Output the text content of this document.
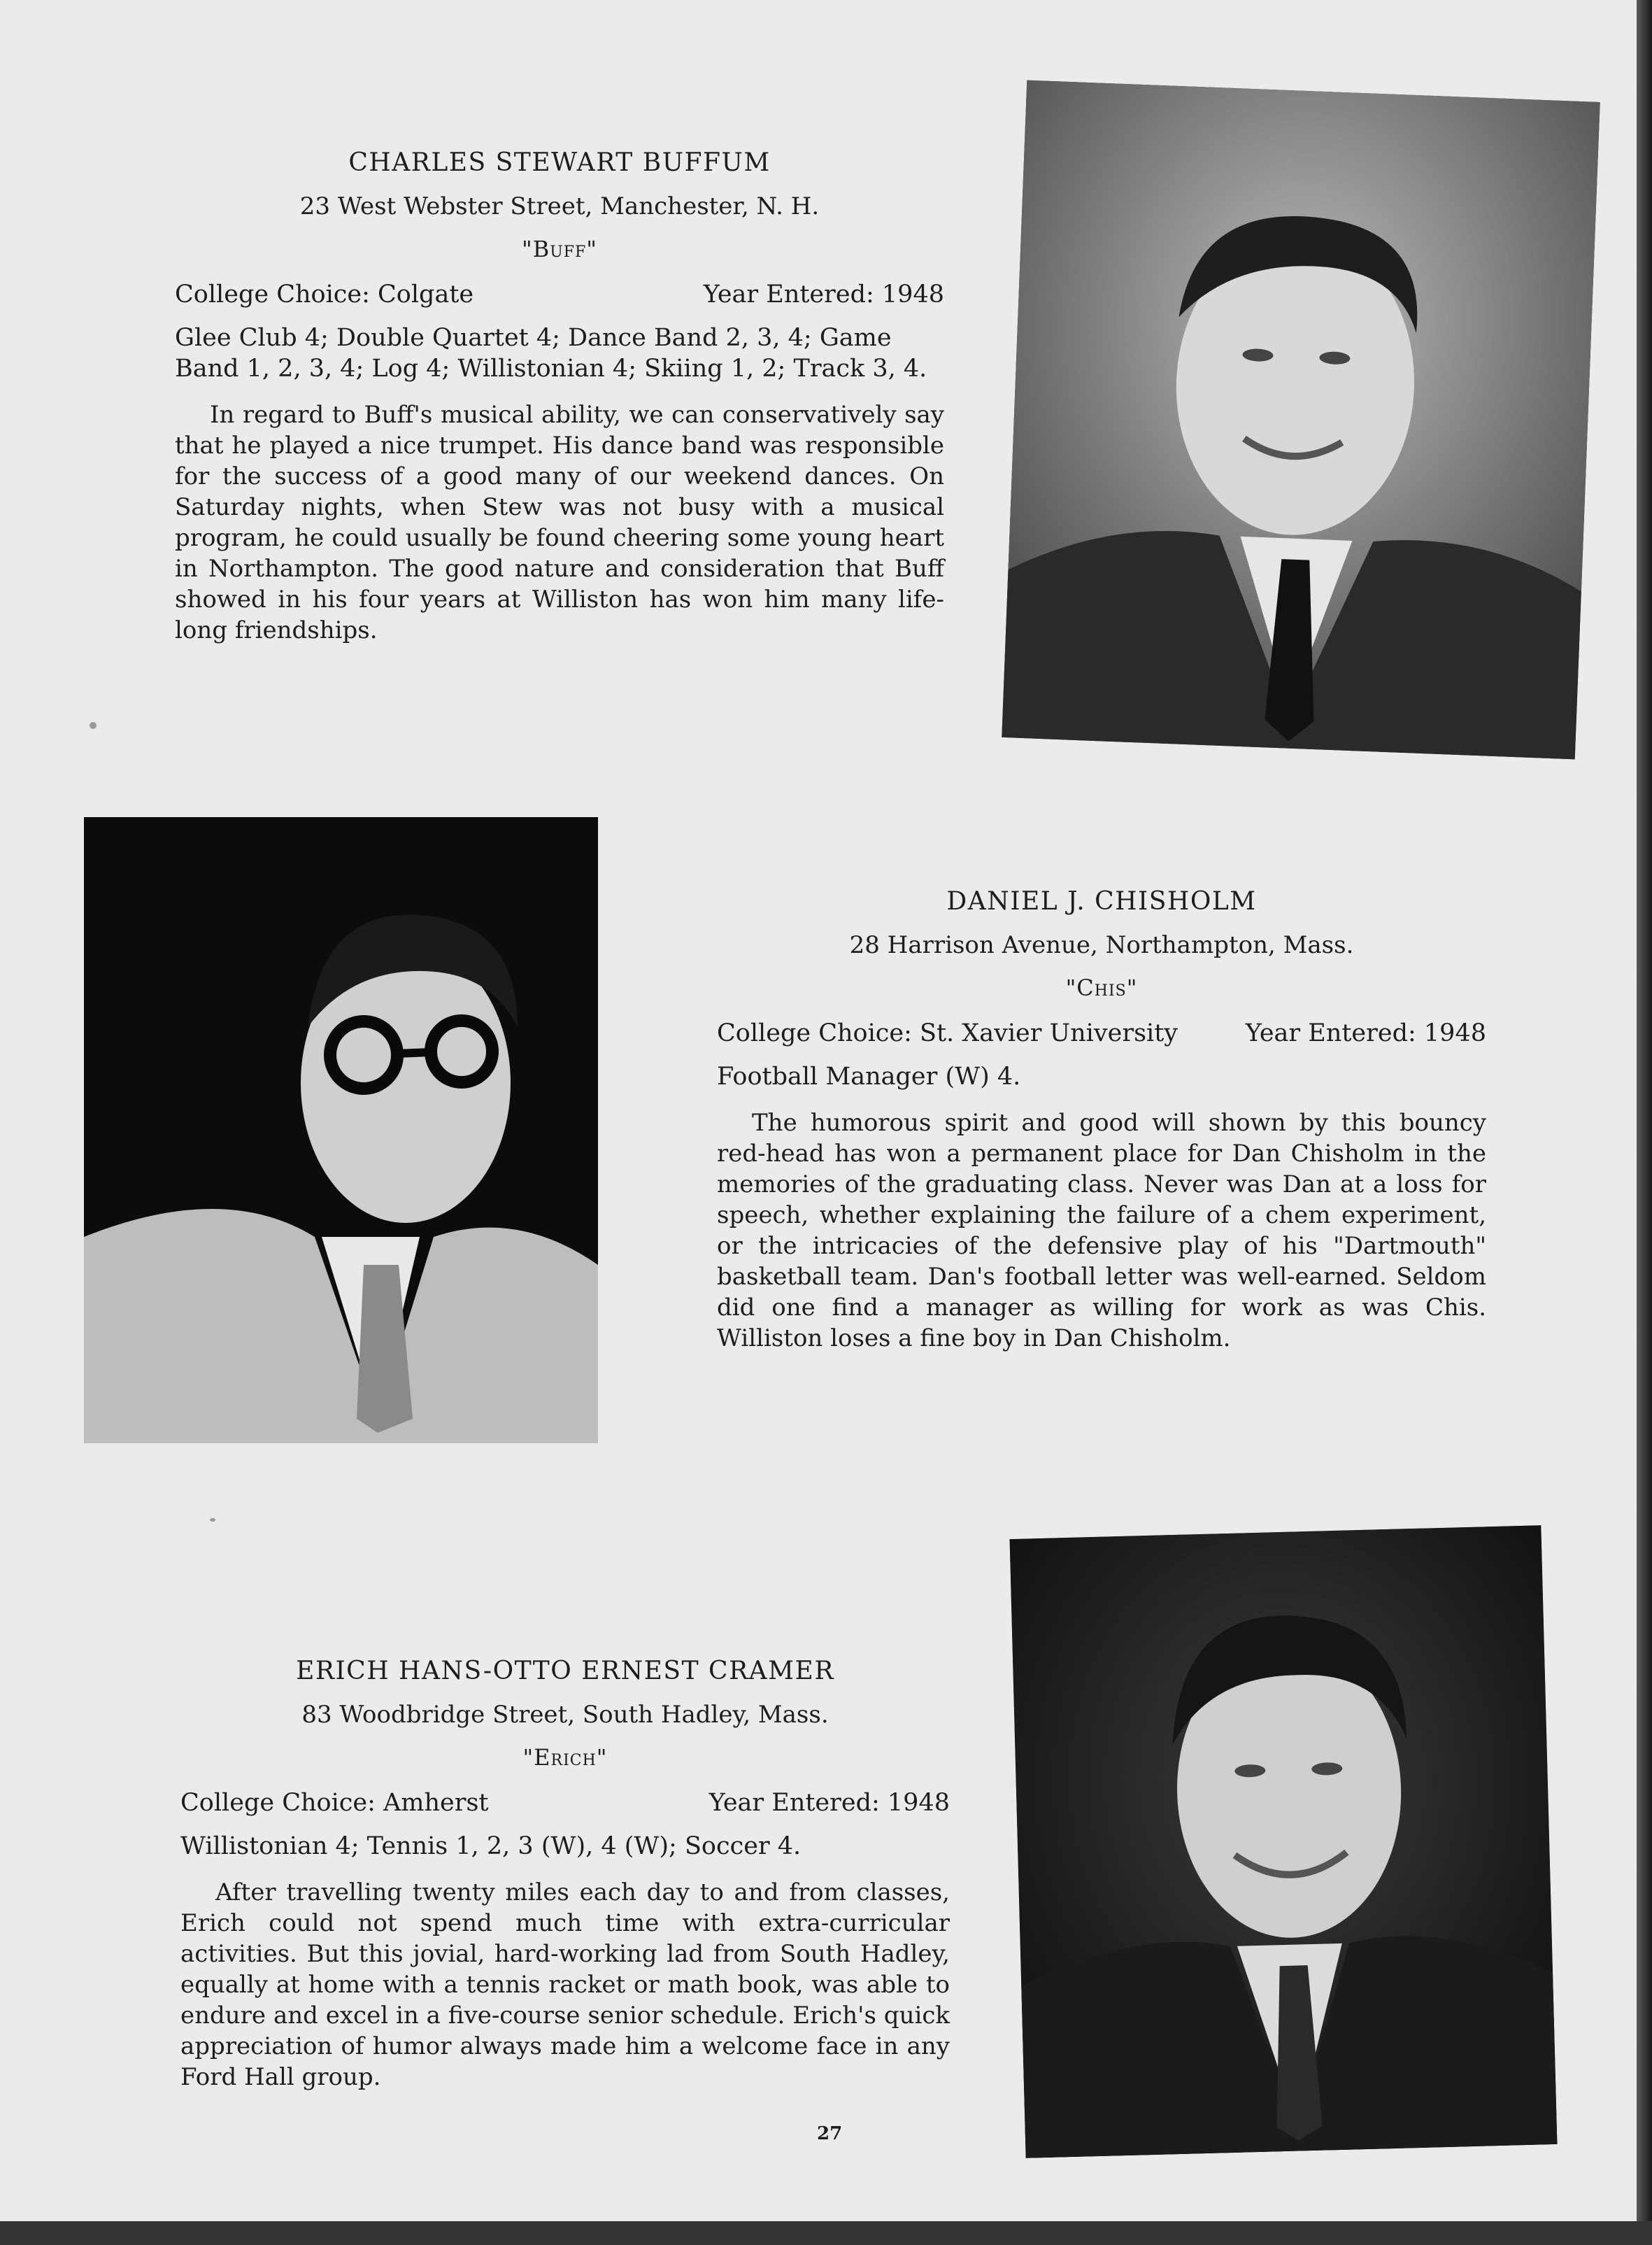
CHARLES STEWART BUFFUM
23 West Webster Street, Manchester, N. H.
"Buff"
College Choice: Colgate	Year Entered: 1948
Glee Club 4; Double Quartet 4; Dance Band 2, 3, 4; Game Band 1, 2, 3, 4; Log 4; Willistonian 4; Skiing 1, 2; Track 3, 4.

In regard to Buff's musical ability, we can conservatively say that he played a nice trumpet. His dance band was responsible for the success of a good many of our weekend dances. On Saturday nights, when Stew was not busy with a musical program, he could usually be found cheering some young heart in Northampton. The good nature and consideration that Buff showed in his four years at Williston has won him many life-long friendships.

DANIEL J. CHISHOLM
28 Harrison Avenue, Northampton, Mass.
"Chis"
College Choice: St. Xavier University	Year Entered: 1948
Football Manager (W) 4.

The humorous spirit and good will shown by this bouncy red-head has won a permanent place for Dan Chisholm in the memories of the graduating class. Never was Dan at a loss for speech, whether explaining the failure of a chem experiment, or the intricacies of the defensive play of his "Dartmouth" basketball team. Dan's football letter was well-earned. Seldom did one find a manager as willing for work as was Chis. Williston loses a fine boy in Dan Chisholm.

ERICH HANS-OTTO ERNEST CRAMER
83 Woodbridge Street, South Hadley, Mass.
"Erich"
College Choice: Amherst	Year Entered: 1948
Willistonian 4; Tennis 1, 2, 3 (W), 4 (W); Soccer 4.

After travelling twenty miles each day to and from classes, Erich could not spend much time with extra-curricular activities. But this jovial, hard-working lad from South Hadley, equally at home with a tennis racket or math book, was able to endure and excel in a five-course senior schedule. Erich's quick appreciation of humor always made him a welcome face in any Ford Hall group.

27
